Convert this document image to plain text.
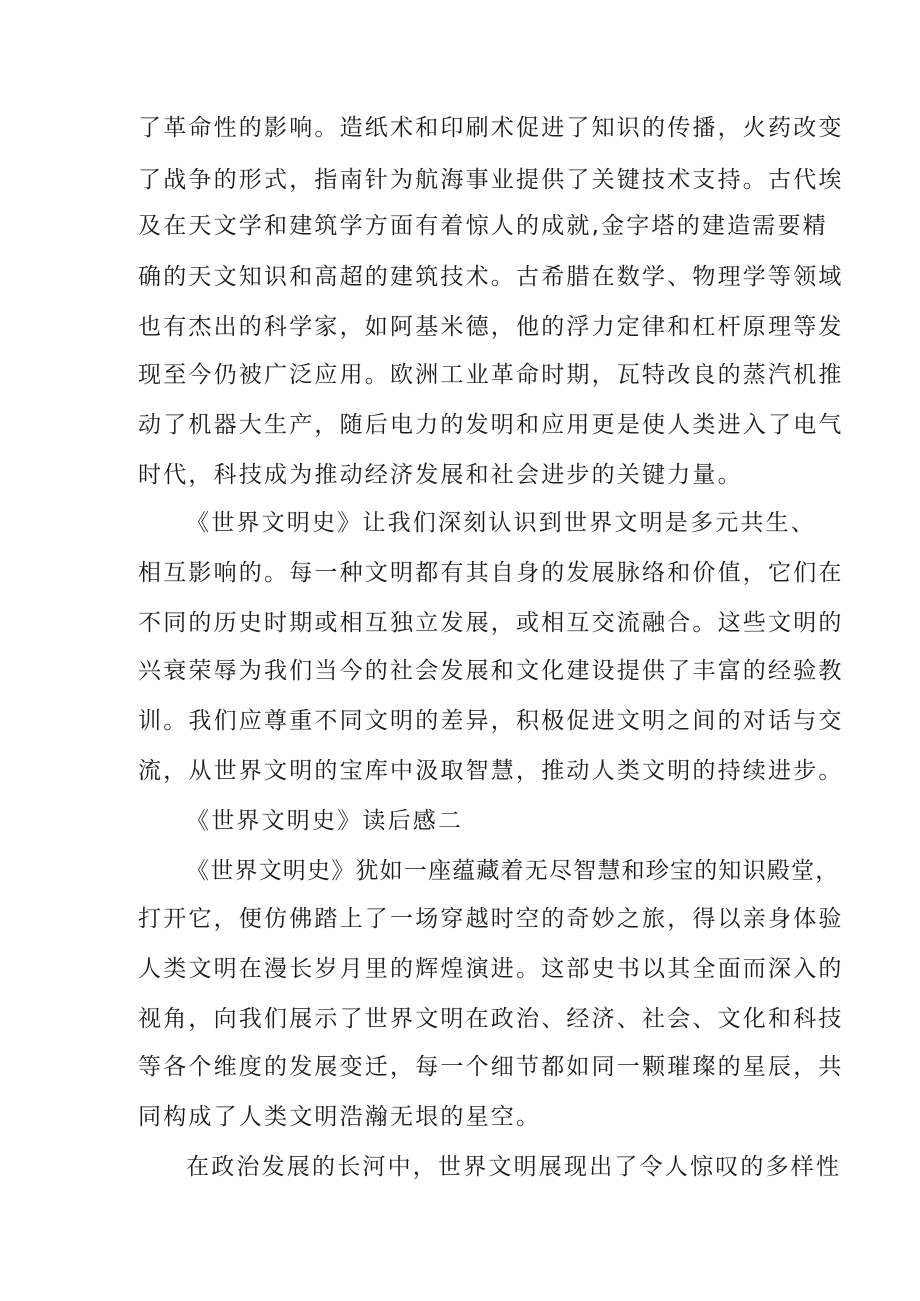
了革命性的影响。造纸术和印刷术促进了知识的传播，火药改变

了战争的形式，指南针为航海事业提供了关键技术支持。古代埃

及在天文学和建筑学方面有着惊人的成就,金字塔的建造需要精

确的天文知识和高超的建筑技术。古希腊在数学、物理学等领域

也有杰出的科学家，如阿基米德，他的浮力定律和杠杆原理等发

现至今仍被广泛应用。欧洲工业革命时期，瓦特改良的蒸汽机推

动了机器大生产，随后电力的发明和应用更是使人类进入了电气

时代，科技成为推动经济发展和社会进步的关键力量。

《世界文明史》让我们深刻认识到世界文明是多元共生、

相互影响的。每一种文明都有其自身的发展脉络和价值，它们在

不同的历史时期或相互独立发展，或相互交流融合。这些文明的

兴衰荣辱为我们当今的社会发展和文化建设提供了丰富的经验教

训。我们应尊重不同文明的差异，积极促进文明之间的对话与交

流，从世界文明的宝库中汲取智慧，推动人类文明的持续进步。

《世界文明史》读后感二

《世界文明史》犹如一座蕴藏着无尽智慧和珍宝的知识殿堂，

打开它，便仿佛踏上了一场穿越时空的奇妙之旅，得以亲身体验

人类文明在漫长岁月里的辉煌演进。这部史书以其全面而深入的

视角，向我们展示了世界文明在政治、经济、社会、文化和科技

等各个维度的发展变迁，每一个细节都如同一颗璀璨的星辰，共

同构成了人类文明浩瀚无垠的星空。

在政治发展的长河中，世界文明展现出了令人惊叹的多样性
